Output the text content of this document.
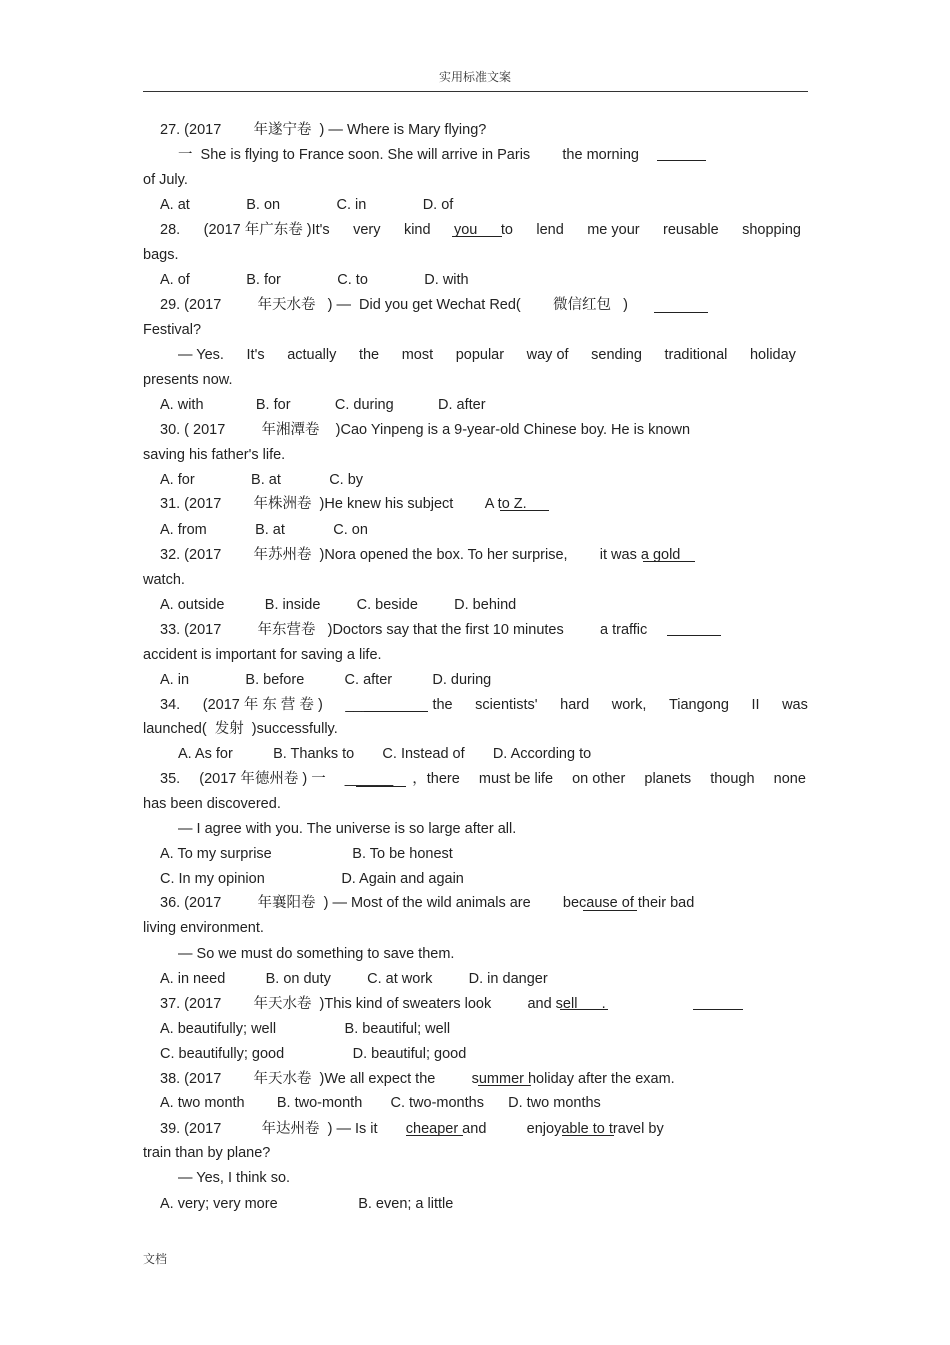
实用标准文案
27. (2017        年遂宁卷  ) — Where is Mary flying?
一  She is flying to France soon. She will arrive in Paris        the morning
of July.
A. at              B. on              C. in              D. of
bags.
A. of              B. for              C. to              D. with
29. (2017         年天水卷   ) —  Did you get Wechat Red(        微信红包   )
Festival?
presents now.
A. with             B. for           C. during           D. after
30. ( 2017         年湘潭卷    )Cao Yinpeng is a 9-year-old Chinese boy. He is known
saving his father's life.
A. for              B. at            C. by
31. (2017        年株洲卷  )He knew his subject        A to Z.
A. from            B. at            C. on
32. (2017        年苏州卷  )Nora opened the box. To her surprise,        it was a gold
watch.
A. outside          B. inside         C. beside         D. behind
33. (2017         年东营卷   )Doctors say that the first 10 minutes         a traffic
accident is important for saving a life.
A. in              B. before          C. after          D. during
launched(  发射  )successfully.
A. As for          B. Thanks to       C. Instead of       D. According to
has been discovered.
— I agree with you. The universe is so large after all.
A. To my surprise                    B. To be honest
C. In my opinion                   D. Again and again
36. (2017         年襄阳卷  ) — Most of the wild animals are        because of their bad
living environment.
— So we must do something to save them.
A. in need          B. on duty         C. at work         D. in danger
37. (2017        年天水卷  )This kind of sweaters look         and sell      .
A. beautifully; well                 B. beautiful; well
C. beautifully; good                 D. beautiful; good
38. (2017        年天水卷  )We all expect the         summer holiday after the exam.
A. two month        B. two-month       C. two-months      D. two months
39. (2017          年达州卷  ) — Is it       cheaper and          enjoyable to travel by
train than by plane?
— Yes, I think so.
A. very; very more                    B. even; a little
28. (2017 年广东卷 )It's very kind you to lend me your reusable shopping
— Yes. It's actually the most popular way of sending traditional holiday
34. (2017 年 东 营 卷 ) ________ the scientists' hard work, Tiangong II was
35. (2017 年德州卷 ) 一 ______ ，there must be life on other planets though none
文档
